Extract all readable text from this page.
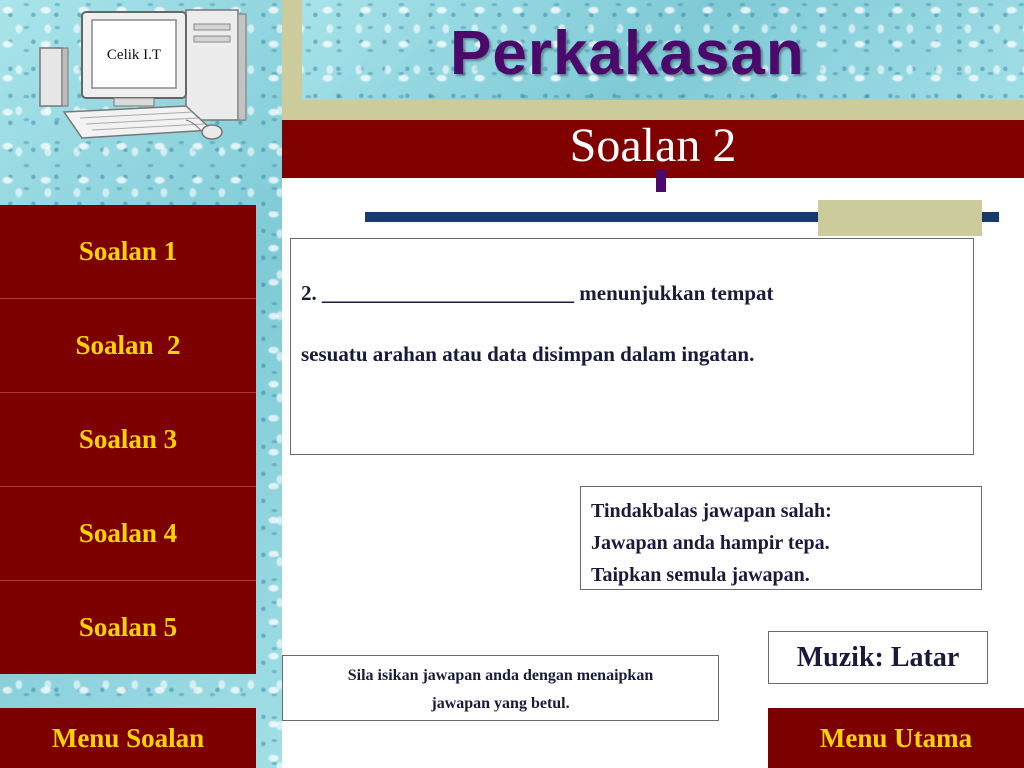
Celik I.T	Perkakasan
Soalan 2
Soalan 1
Soalan  2
Soalan 3
Soalan 4
Soalan 5

2. ________________________ menunjukkan tempat

sesuatu arahan atau data disimpan dalam ingatan.

Tindakbalas jawapan salah:
Jawapan anda hampir tepa.
Taipkan semula jawapan.
Muzik: Latar
Sila isikan jawapan anda dengan menaipkan
jawapan yang betul.
Menu Soalan	Menu Utama
